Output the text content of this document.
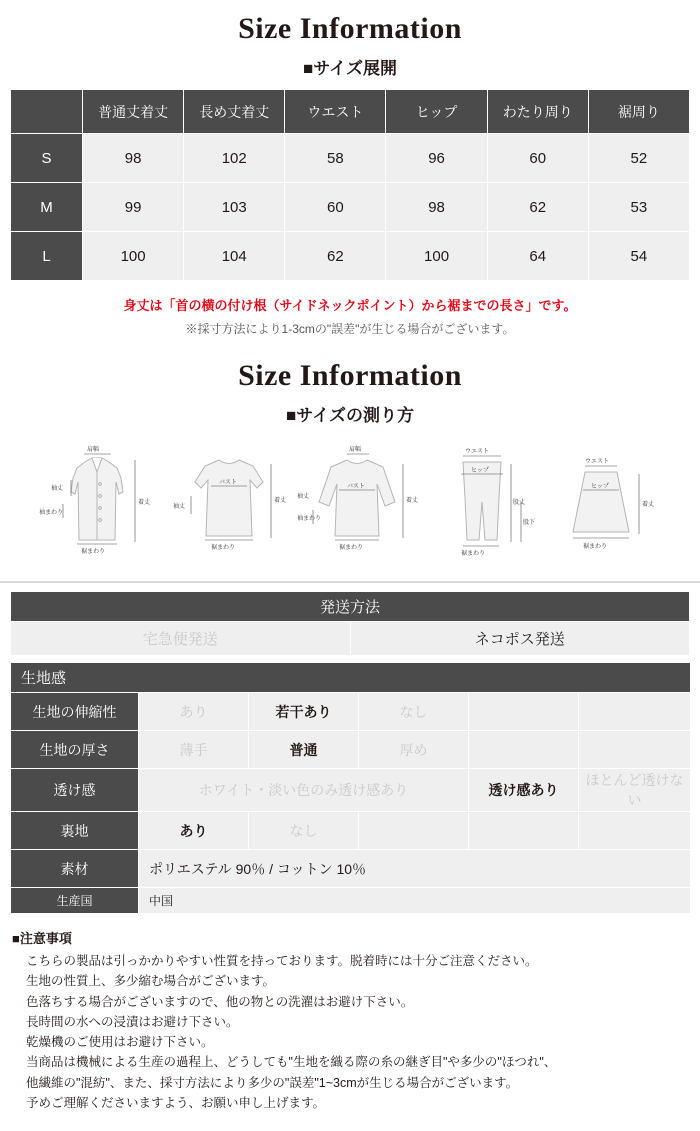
Size Information
■サイズ展開
	普通丈着丈	長め丈着丈	ウエスト	ヒップ	わたり周り	裾周り
S	98	102	58	96	60	52
M	99	103	60	98	62	53
L	100	104	62	100	64	54
身丈は「首の横の付け根（サイドネックポイント）から裾までの長さ」です。
※採寸方法により1-3cmの"誤差"が生じる場合がございます。
Size Information
■サイズの測り方
肩幅
袖丈
着丈
裾まわり
袖まわり
バスト
着丈
裾まわり
袖丈
肩幅
バスト
着丈
裾まわり
袖まわり
袖丈
ウエスト
ヒップ
股丈
股下
裾まわり
ウエスト
ヒップ
着丈
裾まわり
発送方法
宅急便発送	ネコポス発送
生地感					
生地の伸縮性	あり	若干あり	なし		
生地の厚さ	薄手	普通	厚め		
透け感	ホワイト・淡い色のみ透け感あり			透け感あり	ほとんど透けない
裏地	あり	なし			
素材	ポリエステル 90％ / コットン 10％				
生産国	中国				
■注意事項
こちらの製品は引っかかりやすい性質を持っております。脱着時には十分ご注意ください。
生地の性質上、多少縮む場合がございます。
色落ちする場合がございますので、他の物との洗濯はお避け下さい。
長時間の水への浸漬はお避け下さい。
乾燥機のご使用はお避け下さい。
当商品は機械による生産の過程上、どうしても"生地を織る際の糸の継ぎ目"や多少の"ほつれ"、
他繊維の"混紡"、また、採寸方法により多少の"誤差"1~3cmが生じる場合がございます。
予めご理解くださいますよう、お願い申し上げます。
